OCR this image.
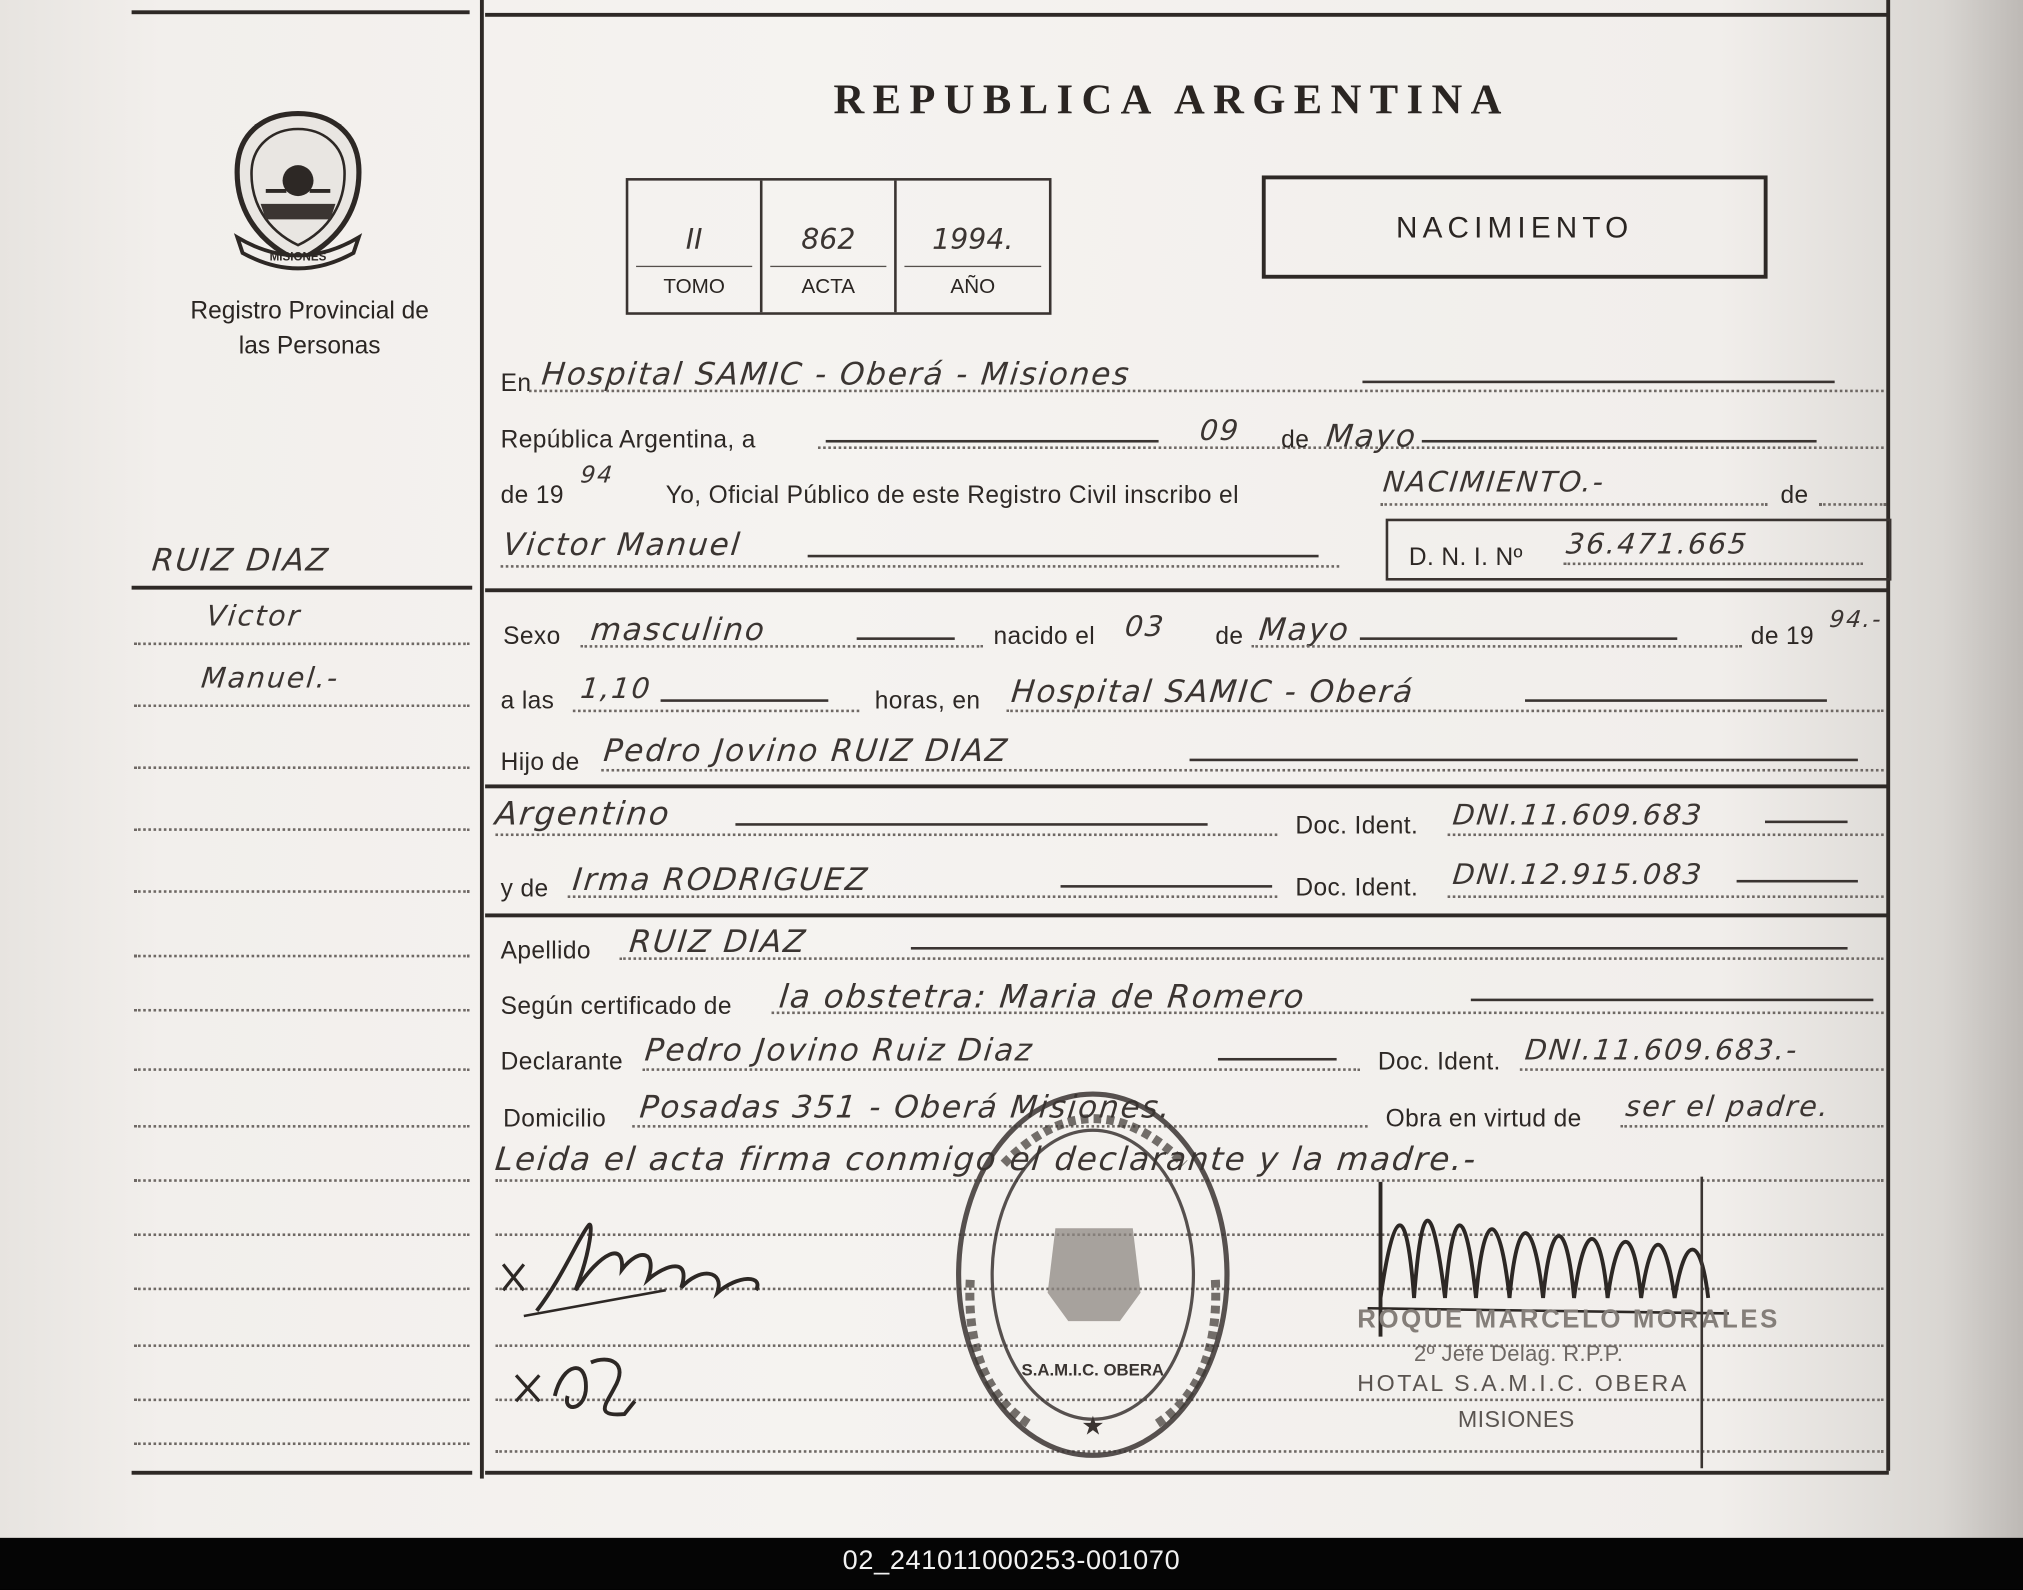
MISIONES
Registro Provincial de las Personas
RUIZ DIAZ
Victor
Manuel.-
REPUBLICA ARGENTINA
II
TOMO
862
ACTA
1994.
AÑO
NACIMIENTO
En Hospital SAMIC - Oberá - Misiones
República Argentina, a	09 de Mayo
de 19
94
Yo, Oficial Público de este Registro Civil inscribo el	NACIMIENTO.-	de
Victor Manuel	D. N. I. Nº 36.471.665
Sexo masculino	nacido el 03	de Mayo	de 19
94.-
a las 1,10	horas, en Hospital SAMIC - Oberá
Hijo de Pedro Jovino RUIZ DIAZ
Argentino	Doc. Ident. DNI.11.609.683
y de Irma RODRIGUEZ	Doc. Ident. DNI.12.915.083
Apellido RUIZ DIAZ
Según certificado de la obstetra: Maria de Romero
Declarante Pedro Jovino Ruiz Diaz	Doc. Ident. DNI.11.609.683.-
Domicilio Posadas 351 - Oberá Misiones.	Obra en virtud de ser el padre.
Leida el acta firma conmigo el declarante y la madre.-
S.A.M.I.C. OBERA
★
ROQUE MARCELO MORALES
2º Jefe Delag. R.P.P.
HOTAL S.A.M.I.C. OBERA
MISIONES
02_241011000253-001070
